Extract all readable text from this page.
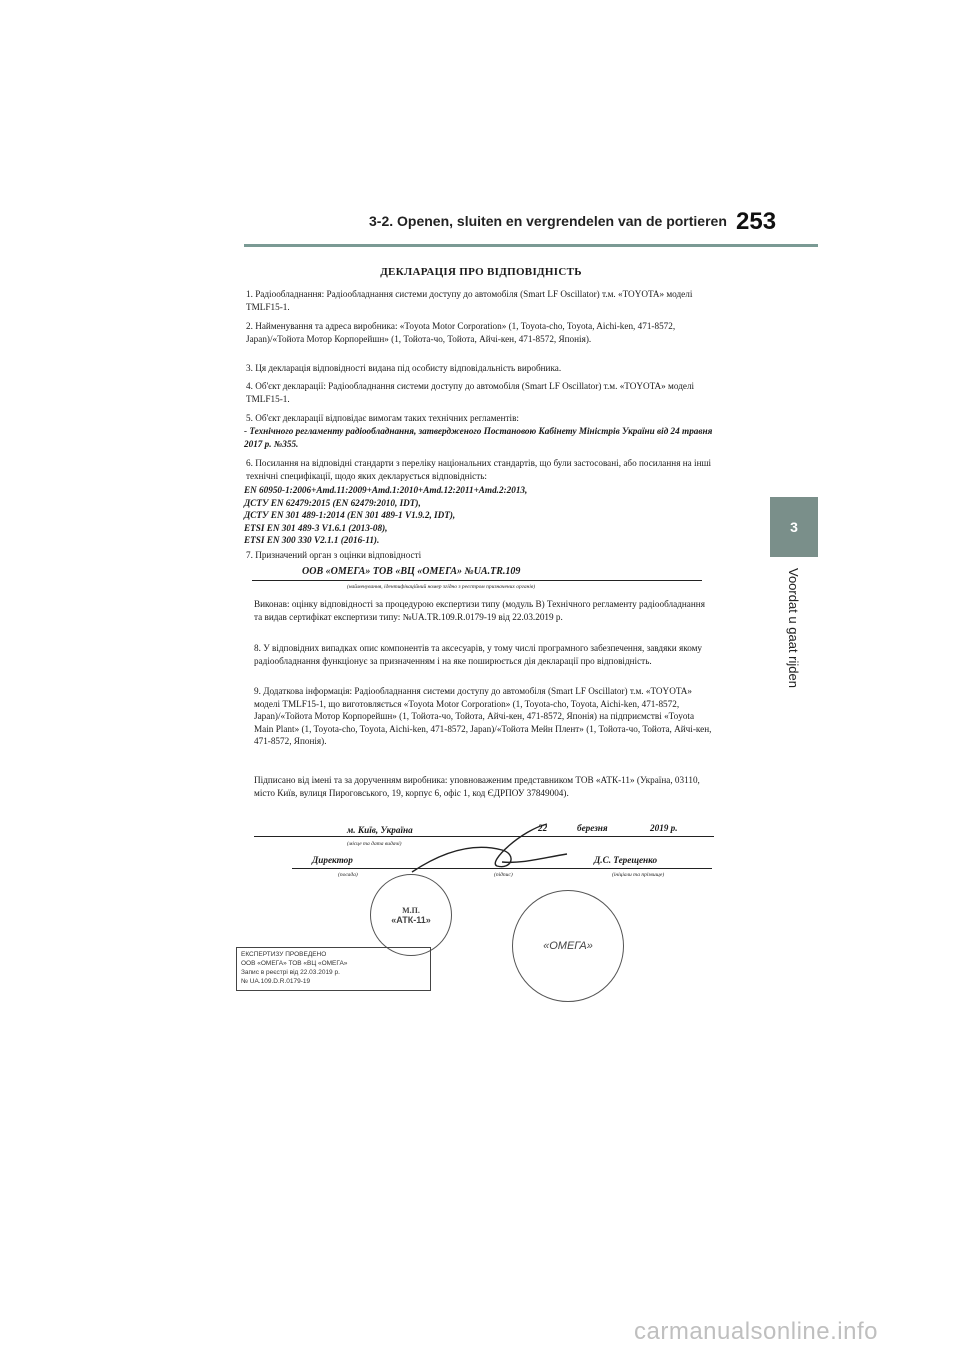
3-2. Openen, sluiten en vergrendelen van de portieren 253
3
Voordat u gaat rijden
ДЕКЛАРАЦІЯ ПРО ВІДПОВІДНІСТЬ
1. Радіообладнання: Радіообладнання системи доступу до автомобіля (Smart LF Oscillator) т.м. «TOYOTA» моделі TMLF15-1.
2. Найменування та адреса виробника: «Toyota Motor Corporation» (1, Toyota-cho, Toyota, Aichi-ken, 471-8572, Japan)/«Тойота Мотор Корпорейшн» (1, Тойота-чо, Тойота, Айчі-кен, 471-8572, Японія).
3. Ця декларація відповідності видана під особисту відповідальність виробника.
4. Об'єкт декларації: Радіообладнання системи доступу до автомобіля (Smart LF Oscillator) т.м. «TOYOTA» моделі TMLF15-1.
5. Об'єкт декларації відповідає вимогам таких технічних регламентів:
- Технічного регламенту радіообладнання, затвердженого Постановою Кабінету Міністрів України від 24 травня 2017 р. №355.
6. Посилання на відповідні стандарти з переліку національних стандартів, що були застосовані, або посилання на інші технічні специфікації, щодо яких декларується відповідність:
EN 60950-1:2006+Amd.11:2009+Amd.1:2010+Amd.12:2011+Amd.2:2013,
ДСТУ EN 62479:2015 (EN 62479:2010, IDT),
ДСТУ EN 301 489-1:2014 (EN 301 489-1 V1.9.2, IDT),
ETSI EN 301 489-3 V1.6.1 (2013-08),
ETSI EN 300 330 V2.1.1 (2016-11).
7. Призначений орган з оцінки відповідності
ООВ «ОМЕГА» ТОВ «ВЦ «ОМЕГА» №UA.TR.109
(найменування, ідентифікаційний номер згідно з реєстром призначених органів)
Виконав: оцінку відповідності за процедурою експертизи типу (модуль В) Технічного регламенту радіообладнання та видав сертифікат експертизи типу: №UA.TR.109.R.0179-19 від 22.03.2019 р.
8. У відповідних випадках опис компонентів та аксесуарів, у тому числі програмного забезпечення, завдяки якому радіообладнання функціонує за призначенням і на яке поширюється дія декларації про відповідність.
9. Додаткова інформація: Радіообладнання системи доступу до автомобіля (Smart LF Oscillator) т.м. «TOYOTA» моделі TMLF15-1, що виготовляється «Toyota Motor Corporation» (1, Toyota-cho, Toyota, Aichi-ken, 471-8572, Japan)/«Тойота Мотор Корпорейшн» (1, Тойота-чо, Тойота, Айчі-кен, 471-8572, Японія) на підприємстві «Toyota Main Plant» (1, Toyota-cho, Toyota, Aichi-ken, 471-8572, Japan)/«Тойота Мейн Плент» (1, Тойота-чо, Тойота, Айчі-кен, 471-8572, Японія).
Підписано від імені та за дорученням виробника: уповноваженим представником ТОВ «АТК-11» (Україна, 03110, місто Київ, вулиця Пироговського, 19, корпус 6, офіс 1, код ЄДРПОУ 37849004).
м. Київ, Україна	22	березня	2019 р.
(місце та дата видачі)
Директор	Д.С. Терещенко
(посада)	(підпис)	(ініціали та прізвище)
М.П.
«АТК-11»
«ОМЕГА»
ЕКСПЕРТИЗУ ПРОВЕДЕНО
ООВ «ОМЕГА» ТОВ «ВЦ «ОМЕГА»
Запис в реєстрі від 22.03.2019 р.
№ UA.109.D.R.0179-19
carmanualsonline.info
